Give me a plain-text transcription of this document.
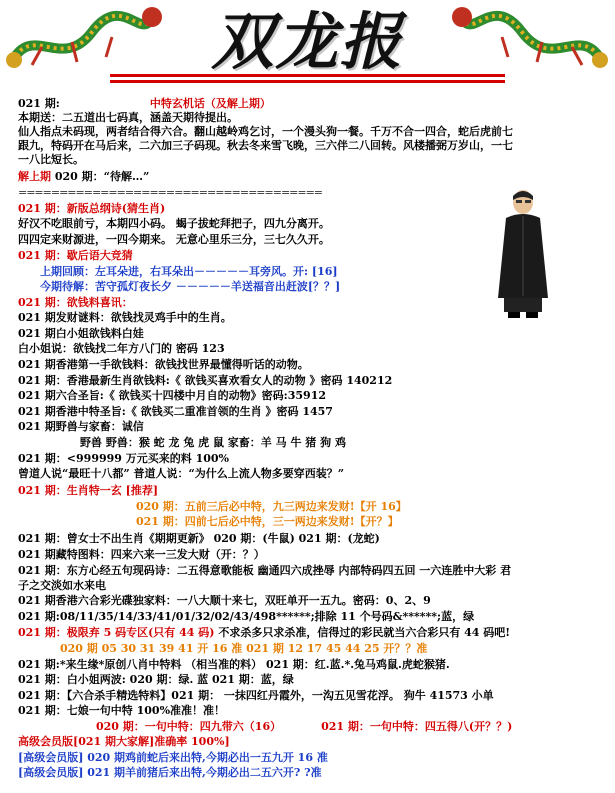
双龙报
021 期:	中特玄机话（及解上期）
本期送：二五道出七码真，涵盖天期待提出。
仙人指点未码现，两者结合得六合。翻山越岭鸡乞讨，一个漫头狗一餐。千万不合一四合，蛇后虎前七
跟九，特码开在马后来，二六加三子码现。秋去冬来雪飞晚，三六伴二八回转。风楼播弼万岁山，一七
一八比短长。
解上期 020 期：“待解…”
=====================================
021 期：新版总纲诗(猜生肖)
好汉不吃眼前亏，本期四小码。 蝎子拔蛇拜把子，四九分离开。
四四定来财源进，一四今期来。 无意心里乐三分，三七久久开。
021 期：歇后语大竞猜
上期回顾：左耳朵进，右耳朵出－－－－－耳旁风。开: [16]
今期待解：苦守孤灯夜长夕 －－－－－羊送福音出赶波[？？]
021 期：欲钱料喜讯：
021 期发财谜料：欲钱找灵鸡手中的生肖。
021 期白小姐欲钱料白娃
白小姐说：欲钱找二年方八门的 密码 123
021 期香港第一手欲钱料：欲钱找世界最懂得听话的动物。
021 期：香港最新生肖欲钱料:《 欲钱买喜欢看女人的动物 》密码 140212
021 期六合圣旨:《 欲钱买十四楼中月自的动物》密码:35912
021 期香港中特圣旨:《 欲钱买二重准首领的生肖 》密码 1457
021 期野兽与家畜：诚信
野兽 野兽：猴 蛇 龙 兔 虎 鼠 家畜：羊 马 牛 猪 狗 鸡
021 期：<999999 万元买来的料 100%
曾道人说“最旺十八都” 普道人说：“为什么上流人物多要穿西装？”
021 期：生肖特一玄 [推荐]
020 期：五前三后必中特，九三两边来发财!【开 16】
021 期：四前七后必中特，三一两边来发财!【开？】
021 期：曾女士不出生肖《期期更新》 020 期：(牛鼠) 021 期：(龙蛇)
021 期藏特图料：四来六来一三发大财（开：？）
021 期：东方心经五句现码诗：二五得意歌能板 幽通四六成挫辱 内部特码四五回 一六连胜中大彩 君
子之交淡如水来电
021 期香港六合彩光碟独家料：一八大顺十来七，双旺单开一五九。密码：0、2、9
021 期:08/11/35/14/33/41/01/32/02/43/498******;排除 11 个号码&******;蓝，绿
021 期：极限弃 5 码专区(只有 44 码) 不求杀多只求杀准，信得过的彩民就当六合彩只有 44 码吧!
020 期 05 30 31 39 41 开 16 准 021 期 12 17 45 44 25 开？？准
021 期:*来生缘*原创八肖中特料 （相当准的料） 021 期：红.蓝.*.兔马鸡鼠.虎蛇猴猪.
021 期：白小姐两波: 020 期：绿. 蓝 021 期：蓝，绿
021 期：【六合杀手精选特料】021 期： 一抹四红丹霞外，一沟五见雪花浮。 狗牛 41573 小单
021 期：七娘一句中特 100%准准！准！
020 期：一句中特：四九带六（16）	021 期：一句中特：四五得八(开？？)
高级会员版[021 期大家解]准确率 100%]
[高级会员版] 020 期鸡前蛇后来出特,今期必出一五九开 16 准
[高级会员版] 021 期羊前猪后来出特,今期必出二五六开? ?准
